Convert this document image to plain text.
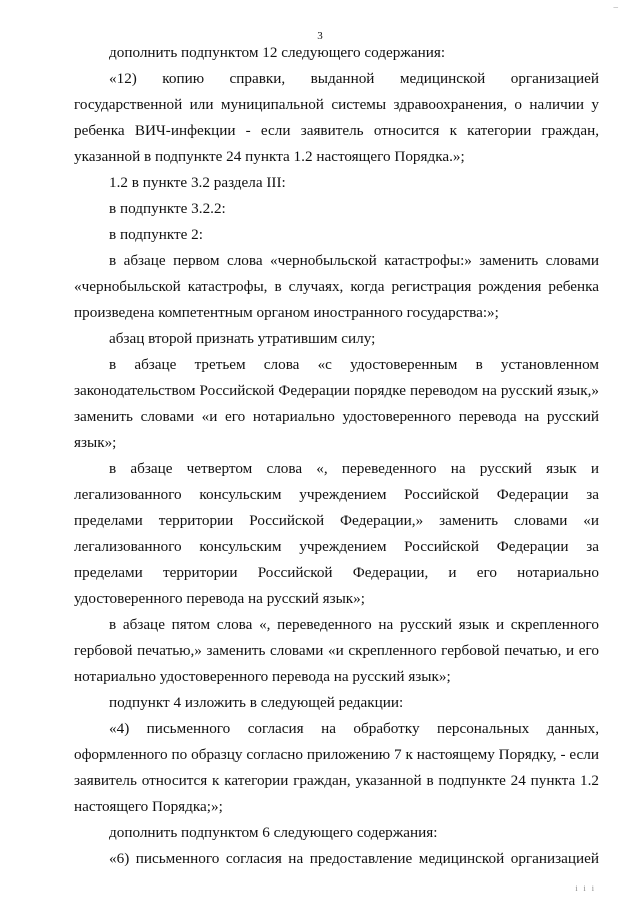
–
3

дополнить подпунктом 12 следующего содержания:

«12) копию справки, выданной медицинской организацией государственной или муниципальной системы здравоохранения, о наличии у ребенка ВИЧ-инфекции - если заявитель относится к категории граждан, указанной в подпункте 24 пункта 1.2 настоящего Порядка.»;

1.2 в пункте 3.2 раздела III:

в подпункте 3.2.2:

в подпункте 2:

в абзаце первом слова «чернобыльской катастрофы:» заменить словами «чернобыльской катастрофы, в случаях, когда регистрация рождения ребенка произведена компетентным органом иностранного государства:»;

абзац второй признать утратившим силу;

в абзаце третьем слова «с удостоверенным в установленном законодательством Российской Федерации порядке переводом на русский язык,» заменить словами «и его нотариально удостоверенного перевода на русский язык»;

в абзаце четвертом слова «, переведенного на русский язык и легализованного консульским учреждением Российской Федерации за пределами территории Российской Федерации,» заменить словами «и легализованного консульским учреждением Российской Федерации за пределами территории Российской Федерации, и его нотариально удостоверенного перевода на русский язык»;

в абзаце пятом слова «, переведенного на русский язык и скрепленного гербовой печатью,» заменить словами «и скрепленного гербовой печатью, и его нотариально удостоверенного перевода на русский язык»;

подпункт 4 изложить в следующей редакции:

«4) письменного согласия на обработку персональных данных, оформленного по образцу согласно приложению 7 к настоящему Порядку, - если заявитель относится к категории граждан, указанной в подпункте 24 пункта 1.2 настоящего Порядка;»;

дополнить подпунктом 6 следующего содержания:

«6) письменного согласия на предоставление медицинской организацией

і і і
